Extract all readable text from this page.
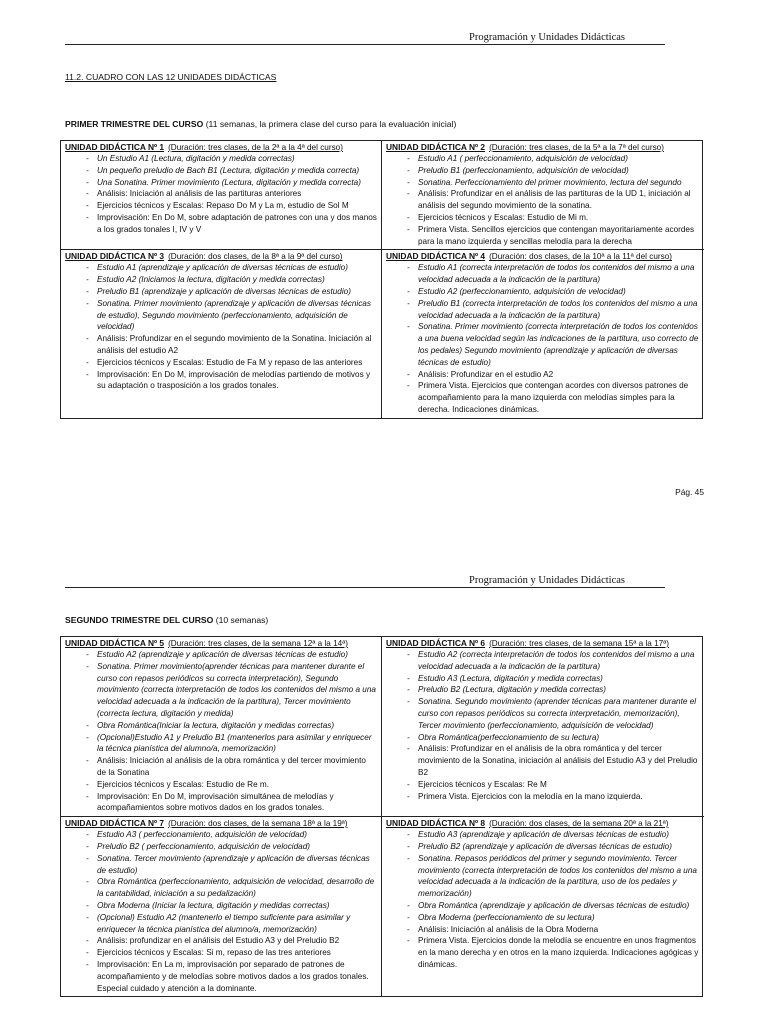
Programación y Unidades Didácticas
11.2. CUADRO CON LAS 12 UNIDADES DIDÁCTICAS
PRIMER TRIMESTRE DEL CURSO (11 semanas, la primera clase del curso para la evaluación inicial)
UNIDAD DIDÁCTICA Nº 1 (Duración: tres clases, de la 2ª a la 4ª del curso)
- Un Estudio A1 (Lectura, digitación y medida correctas)
- Un pequeño preludio de Bach B1 (Lectura, digitación y medida correcta)
- Una Sonatina. Primer movimiento (Lectura, digitación y medida correcta)
- Análisis: Iniciación al análisis de las partituras anteriores
- Ejercicios técnicos y Escalas: Repaso Do M y La m, estudio de Sol M
- Improvisación: En Do M, sobre adaptación de patrones con una y dos manos a los grados tonales I, IV y V
UNIDAD DIDÁCTICA Nº 2 (Duración: tres clases, de la 5ª a la 7ª del curso)
- Estudio A1 ( perfeccionamiento, adquisición de velocidad)
- Preludio B1 (perfeccionamiento, adquisición de velocidad)
- Sonatina. Perfeccionamiento del primer movimiento, lectura del segundo
- Análisis: Profundizar en el análisis de las partituras de la UD 1, iniciación al análisis del segundo movimiento de la sonatina.
- Ejercicios técnicos y Escalas: Estudio de Mi m.
- Primera Vista. Sencillos ejercicios que contengan mayoritariamente acordes para la mano izquierda y sencillas melodía para la derecha
UNIDAD DIDÁCTICA Nº 3 (Duración: dos clases, de la 8ª a la 9ª del curso)
- Estudio A1 (aprendizaje y aplicación de diversas técnicas de estudio)
- Estudio A2 (Iniciamos la lectura, digitación y medida correctas)
- Preludio B1 (aprendizaje y aplicación de diversas técnicas de estudio)
- Sonatina. Primer movimiento (aprendizaje y aplicación de diversas técnicas de estudio), Segundo movimiento (perfeccionamiento, adquisición de velocidad)
- Análisis: Profundizar en el segundo movimiento de la Sonatina. Iniciación al análisis del estudio A2
- Ejercicios técnicos y Escalas: Estudio de Fa M y repaso de las anteriores
- Improvisación: En Do M, improvisación de melodías partiendo de motivos y su adaptación o trasposición a los grados tonales.
UNIDAD DIDÁCTICA Nº 4 (Duración: dos clases, de la 10ª a la 11ª del curso)
- Estudio A1 (correcta interpretación de todos los contenidos del mismo a una velocidad adecuada a la indicación de la partitura)
- Estudio A2 (perfeccionamiento, adquisición de velocidad)
- Preludio B1 (correcta interpretación de todos los contenidos del mismo a una velocidad adecuada a la indicación de la partitura)
- Sonatina. Primer movimiento (correcta interpretación de todos los contenidos a una buena velocidad según las indicaciones de la partitura, uso correcto de los pedales) Segundo movimiento (aprendizaje y aplicación de diversas técnicas de estudio)
- Análisis: Profundizar en el estudio A2
- Primera Vista. Ejercicios que contengan acordes con diversos patrones de acompañamiento para la mano izquierda con melodías simples para la derecha. Indicaciones dinámicas.
Pág. 45
Programación y Unidades Didácticas
SEGUNDO TRIMESTRE DEL CURSO (10 semanas)
UNIDAD DIDÁCTICA Nº 5 (Duración: tres clases, de la semana 12ª a la 14ª)
- Estudio A2 (aprendizaje y aplicación de diversas técnicas de estudio)
- Sonatina. Primer movimiento(aprender técnicas para mantener durante el curso con repasos periódicos su correcta interpretación), Segundo movimiento (correcta interpretación de todos los contenidos del mismo a una velocidad adecuada a la indicación de la partitura), Tercer movimiento (correcta lectura, digitación y medida)
- Obra Romántica(Iniciar la lectura, digitación y medidas correctas)
- (Opcional)Estudio A1 y Preludio B1 (mantenerlos para asimilar y enriquecer la técnica pianística del alumno/a, memorización)
- Análisis: Iniciación al análisis de la obra romántica y del tercer movimiento de la Sonatina
- Ejercicios técnicos y Escalas: Estudio de Re m.
- Improvisación: En Do M, improvisación simultánea de melodías y acompañamientos sobre motivos dados en los grados tonales.
UNIDAD DIDÁCTICA Nº 6 (Duración: tres clases, de la semana 15ª a la 17ª)
- Estudio A2 (correcta interpretación de todos los contenidos del mismo a una velocidad adecuada a la indicación de la partitura)
- Estudio A3 (Lectura, digitación y medida correctas)
- Preludio B2 (Lectura, digitación y medida correctas)
- Sonatina. Segundo movimiento (aprender técnicas para mantener durante el curso con repasos periódicos su correcta interpretación, memorización), Tercer movimiento (perfeccionamiento, adquisición de velocidad)
- Obra Romántica(perfeccionamiento de su lectura)
- Análisis: Profundizar en el análisis de la obra romántica y del tercer movimiento de la Sonatina, iniciación al análisis del Estudio A3 y del Preludio B2
- Ejercicios técnicos y Escalas: Re M
- Primera Vista. Ejercicios con la melodía en la mano izquierda.
UNIDAD DIDÁCTICA Nº 7 (Duración: dos clases, de la semana 18ª a la 19ª)
- Estudio A3 ( perfeccionamiento, adquisición de velocidad)
- Preludio B2 ( perfeccionamiento, adquisición de velocidad)
- Sonatina. Tercer movimiento (aprendizaje y aplicación de diversas técnicas de estudio)
- Obra Romántica (perfeccionamiento, adquisición de velocidad, desarrollo de la cantabilidad, iniciación a su pedalización)
- Obra Moderna (Iniciar la lectura, digitación y medidas correctas)
- (Opcional) Estudio A2 (mantenerlo el tiempo suficiente para asimilar y enriquecer la técnica pianística del alumno/a, memorización)
- Análisis: profundizar en el análisis del Estudio A3 y del Preludio B2
- Ejercicios técnicos y Escalas: Si m, repaso de las tres anteriores
- Improvisación: En La m, improvisación por separado de patrones de acompañamiento y de melodías sobre motivos dados a los grados tonales. Especial cuidado y atención a la dominante.
UNIDAD DIDÁCTICA Nº 8 (Duración: dos clases, de la semana 20ª a la 21ª)
- Estudio A3 (aprendizaje y aplicación de diversas técnicas de estudio)
- Preludio B2 (aprendizaje y aplicación de diversas técnicas de estudio)
- Sonatina. Repasos periódicos del primer y segundo movimiento. Tercer movimiento (correcta interpretación de todos los contenidos del mismo a una velocidad adecuada a la indicación de la partitura, uso de los pedales y memorización)
- Obra Romántica (aprendizaje y aplicación de diversas técnicas de estudio)
- Obra Moderna (perfeccionamiento de su lectura)
- Análisis: Iniciación al análisis de la Obra Moderna
- Primera Vista. Ejercicios donde la melodía se encuentre en unos fragmentos en la mano derecha y en otros en la mano izquierda. Indicaciones agógicas y dinámicas.
